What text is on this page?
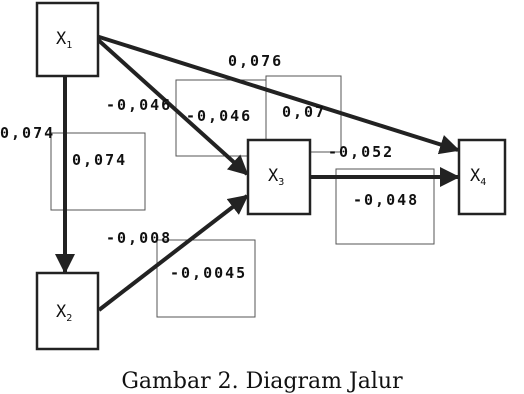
$X_1$
$X_2$
$X_3$	$X_4$
0,076
-0,046
0,074
-0,008
-0,052
-0,046 0,07
0,074
-0,0045
-0,048
Gambar 2. Diagram Jalur
